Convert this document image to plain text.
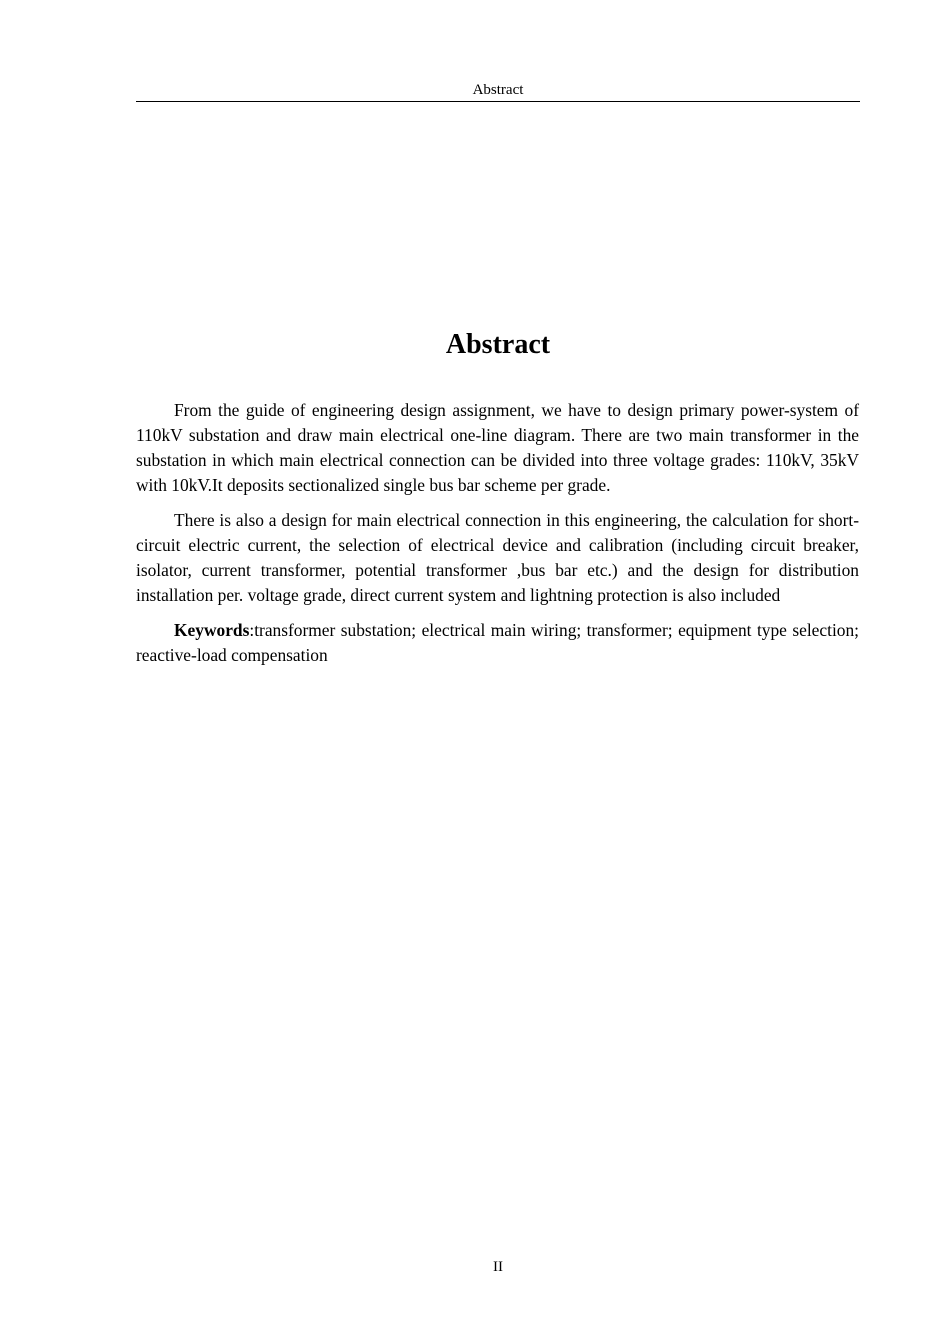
Abstract
Abstract

From the guide of engineering design assignment, we have to design primary power-system of 110kV substation and draw main electrical one-line diagram. There are two main transformer in the substation in which main electrical connection can be divided into three voltage grades: 110kV, 35kV with 10kV.It deposits sectionalized single bus bar scheme per grade.

There is also a design for main electrical connection in this engineering, the calculation for short-circuit electric current, the selection of electrical device and calibration (including circuit breaker, isolator, current transformer, potential transformer ,bus bar etc.) and the design for distribution installation per. voltage grade, direct current system and lightning protection is also included

Keywords:transformer substation; electrical main wiring; transformer; equipment type selection; reactive-load compensation

II
